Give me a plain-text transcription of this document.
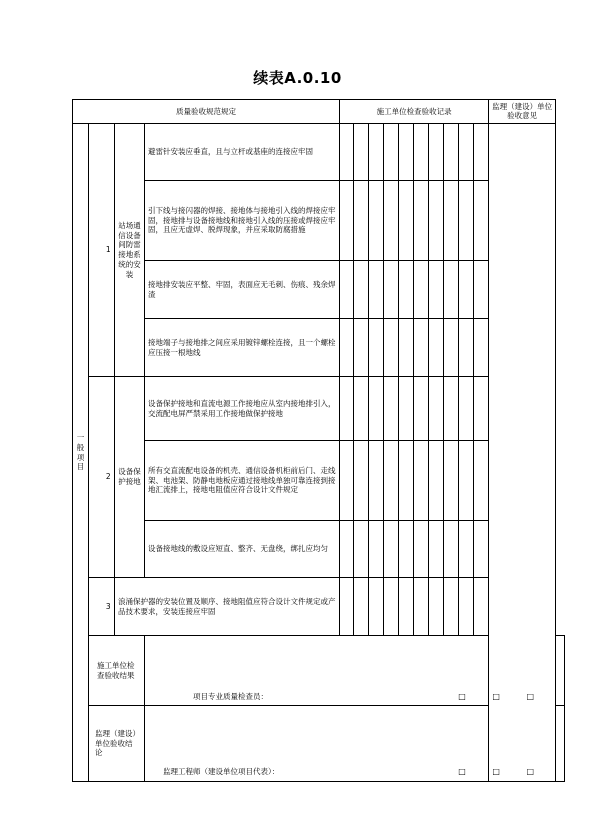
续表A.0.10
质量验收规范规定					施工单位检查验收记录										监理（建设）单位验收意见
一般项目		1	站场通信设备间防雷接地系统的安装	避雷针安装应垂直，且与立杆或基座的连接应牢固											
				引下线与接闪器的焊接、接地体与接地引入线的焊接应牢固，接地排与设备接地线和接地引入线的压接或焊接应牢固，且应无虚焊、脱焊现象，并应采取防腐措施											
				接地排安装应平整、牢固，表面应无毛刺、伤痕、残余焊渣											
				接地端子与接地排之间应采用镀锌螺栓连接，且一个螺栓应压接一根地线											
		2	设备保护接地	设备保护接地和直流电源工作接地应从室内接地排引入，交流配电屏严禁采用工作接地做保护接地											
				所有交直流配电设备的机壳、通信设备机柜前后门、走线架、电池架、防静电地板应通过接地线单独可靠连接到接地汇流排上，接地电阻值应符合设计文件规定											
				设备接地线的敷设应短直、整齐、无盘绕，绑扎应均匀											
		3	浪涌保护器的安装位置及顺序、接地阻值应符合设计文件规定或产品技术要求，安装连接应牢固												
	施工单位检查验收结果			项目专业质量检查员： □ □ □											

	监理（建设）单位验收结论			监理工程师（建设单位项目代表）： □ □ □											
